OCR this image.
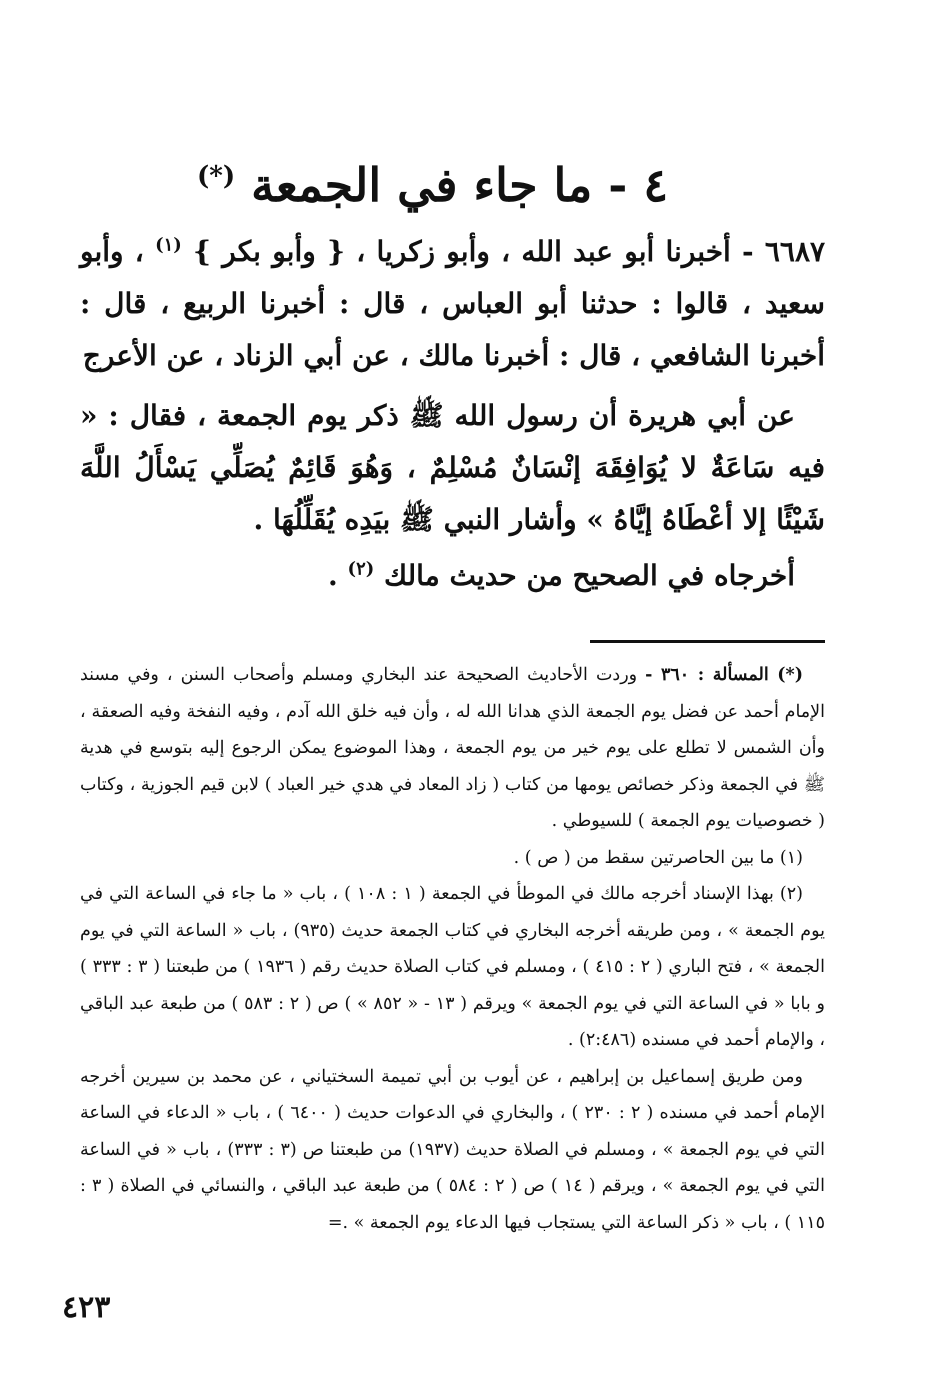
٤ - ما جاء في الجمعة (*)

٦٦٨٧ - أخبرنا أبو عبد الله ، وأبو زكريا ، { وأبو بكر } $^{(١)}$ ، وأبو سعيد ، قالوا : حدثنا أبو العباس ، قال : أخبرنا الربيع ، قال : أخبرنا الشافعي ، قال : أخبرنا مالك ، عن أبي الزناد ، عن الأعرج

عن أبي هريرة أن رسول الله ﷺ ذكر يوم الجمعة ، فقال : « فيه سَاعَةٌ لا يُوَافِقَهَ إنْسَانٌ مُسْلِمٌ ، وَهُوَ قَائِمٌ يُصَلِّي يَسْأَلُ اللَّهَ شَيْئًا إلا أعْطَاهُ إيَّاهُ » وأشار النبي ﷺ بيَدِه يُقَلِّلُهَا .

أخرجاه في الصحيح من حديث مالك $^{(٢)}$ .

(*) المسألة : ٣٦٠ - وردت الأحاديث الصحيحة عند البخاري ومسلم وأصحاب السنن ، وفي مسند الإمام أحمد عن فضل يوم الجمعة الذي هدانا الله له ، وأن فيه خلق الله آدم ، وفيه النفخة وفيه الصعقة ، وأن الشمس لا تطلع على يوم خير من يوم الجمعة ، وهذا الموضوع يمكن الرجوع إليه بتوسع في هدية ﷺ في الجمعة وذكر خصائص يومها من كتاب ( زاد المعاد في هدي خير العباد ) لابن قيم الجوزية ، وكتاب ( خصوصيات يوم الجمعة ) للسيوطي .

(١) ما بين الحاصرتين سقط من ( ص ) .

(٢) بهذا الإسناد أخرجه مالك في الموطأ في الجمعة ( ١ : ١٠٨ ) ، باب « ما جاء في الساعة التي في يوم الجمعة » ، ومن طريقه أخرجه البخاري في كتاب الجمعة حديث (٩٣٥) ، باب « الساعة التي في يوم الجمعة » ، فتح الباري ( ٢ : ٤١٥ ) ، ومسلم في كتاب الصلاة حديث رقم ( ١٩٣٦ ) من طبعتنا ( ٣ : ٣٣٣ ) و بابا « في الساعة التي في يوم الجمعة » ويرقم ( ١٣ - « ٨٥٢ » ) ص ( ٢ : ٥٨٣ ) من طبعة عبد الباقي ، والإمام أحمد في مسنده (٢:٤٨٦) .

ومن طريق إسماعيل بن إبراهيم ، عن أيوب بن أبي تميمة السختياني ، عن محمد بن سيرين أخرجه الإمام أحمد في مسنده ( ٢ : ٢٣٠ ) ، والبخاري في الدعوات حديث ( ٦٤٠٠ ) ، باب « الدعاء في الساعة التي في يوم الجمعة » ، ومسلم في الصلاة حديث (١٩٣٧) من طبعتنا ص (٣ : ٣٣٣) ، باب « في الساعة التي في يوم الجمعة » ، ويرقم ( ١٤ ) ص ( ٢ : ٥٨٤ ) من طبعة عبد الباقي ، والنسائي في الصلاة ( ٣ : ١١٥ ) ، باب « ذكر الساعة التي يستجاب فيها الدعاء يوم الجمعة » .=

٤٢٣
